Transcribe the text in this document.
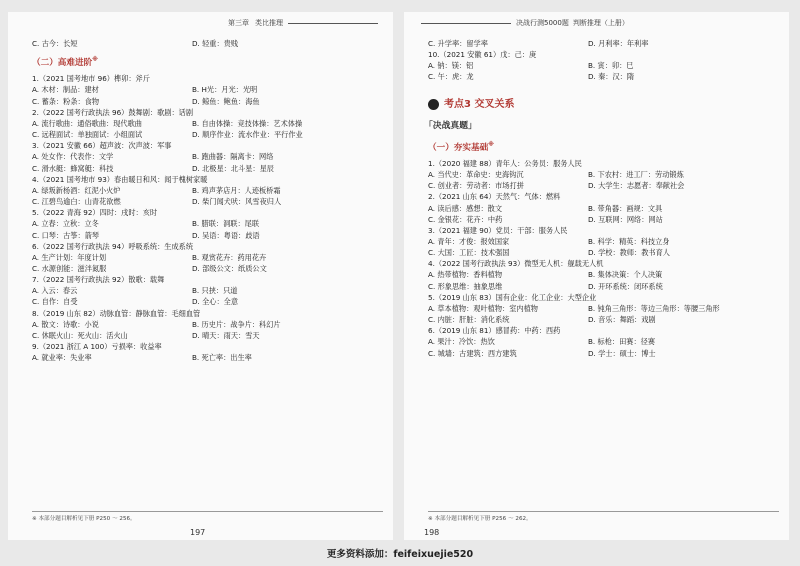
第三章 类比推理
C. 古今：长短	D. 轻重：贵贱
（二）高难进阶※
1.（2021 国考地市 96）榫卯：斧斤
A. 木材：制品：建材	B. H光：月光：光明
C. 蓄条：粉条：食物	D. 鲸鱼：鲍鱼：海鱼
2.（2022 国考行政执法 96）鼓舞剧：歌剧：话剧
A. 流行歌曲：通俗歌曲：现代歌曲	B. 自由体操：竞技体操：艺术体操
C. 远程面试：单独面试：小组面试	D. 顺序作业：流水作业：平行作业
3.（2021 安徽 66）超声波：次声波：军事
A. 处女作：代表作：文学	B. 跑曲器：隔离卡：网络
C. 滑水艇：蜂窝艇：科技	D. 北极星：北斗星：星辰
4.（2021 国考地市 93）春由暖日和风：闻于槐树家暖
A. 绿叛新杨酒：红泥小火炉	B. 鸡声茅店月：人迹板桥霜
C. 江碧鸟逾白：山青花欲燃	D. 柴门闻犬吠：风雪夜归人
5.（2022 青海 92）四时：戌时：亥时
A. 立春：立秋：立冬	B. 腊联：洞联：尾联
C. 口琴：古筝：箭琴	D. 吴语：粤语：歧语
6.（2022 国考行政执法 94）呼吸系统：生成系统
A. 生产计划：年度计划	B. 观赏花卉：药用花卉
C. 水源创能：滋泮氮服	D. 部级公文：纸质公文
7.（2022 国考行政执法 92）散歌：载舞
A. 入云：春云	B. 只挟：只道
C. 自作：自受	D. 全心：全意
8.（2019 山东 82）动脉血管：静脉血管：毛细血管
A. 散文：诗歌：小说	B. 历史片：战争片：科幻片
C. 休眠火山：死火山：活火山	D. 晴天：雨天：雪天
9.（2021 浙江 A 100）亏损率：收益率
A. 就业率：失业率	B. 死亡率：出生率
※ 本部分题目解析见下册 P250 ～ 256。
197
决战行测5000题 判断推理（上册）
C. 升学率：留学率	D. 月利率：年利率
10.（2021 安徽 61）戊：己：庚
A. 钠：镁：铝	B. 寅：卯：巳
C. 午：虎：龙	D. 秦：汉：隋
考点3 交叉关系
「决战真题」
（一）夯实基础※
1.（2020 福建 88）青年人：公务员：服务人民
A. 当代史：革命史：史海钩沉	B. 下农村：进工厂：劳动锻炼
C. 创业者：劳动者：市场打拼	D. 大学生：志愿者：奉献社会
2.（2021 山东 64）天然气：气体：燃料
A. 读后感：感想：散文	B. 带角器：画规：文具
C. 金银花：花卉：中药	D. 互联网：网络：网站
3.（2021 福建 90）党员：干部：服务人民
A. 青年：才俊：报效国家	B. 科学：精英：科技立身
C. 大国：工匠：技术强国	D. 学校：教师：教书育人
4.（2022 国考行政执法 93）微型无人机：舰载无人机
A. 热带植物：香料植物	B. 集体决策：个人决策
C. 形象思维：抽象思维	D. 开环系统：闭环系统
5.（2019 山东 83）国有企业：化工企业：大型企业
A. 草本植物：观叶植物：室内植物	B. 钝角三角形：等边三角形：等腰三角形
C. 内脏：肝脏：消化系统	D. 音乐：舞蹈：戏剧
6.（2019 山东 81）感冒药：中药：西药
A. 果汁：冷饮：热饮	B. 标枪：田赛：径赛
C. 城墙：古建筑：西方建筑	D. 学士：硕士：博士
※ 本部分题目解析见下册 P256 ～ 262。
198
更多资料添加：feifeixuejie520
